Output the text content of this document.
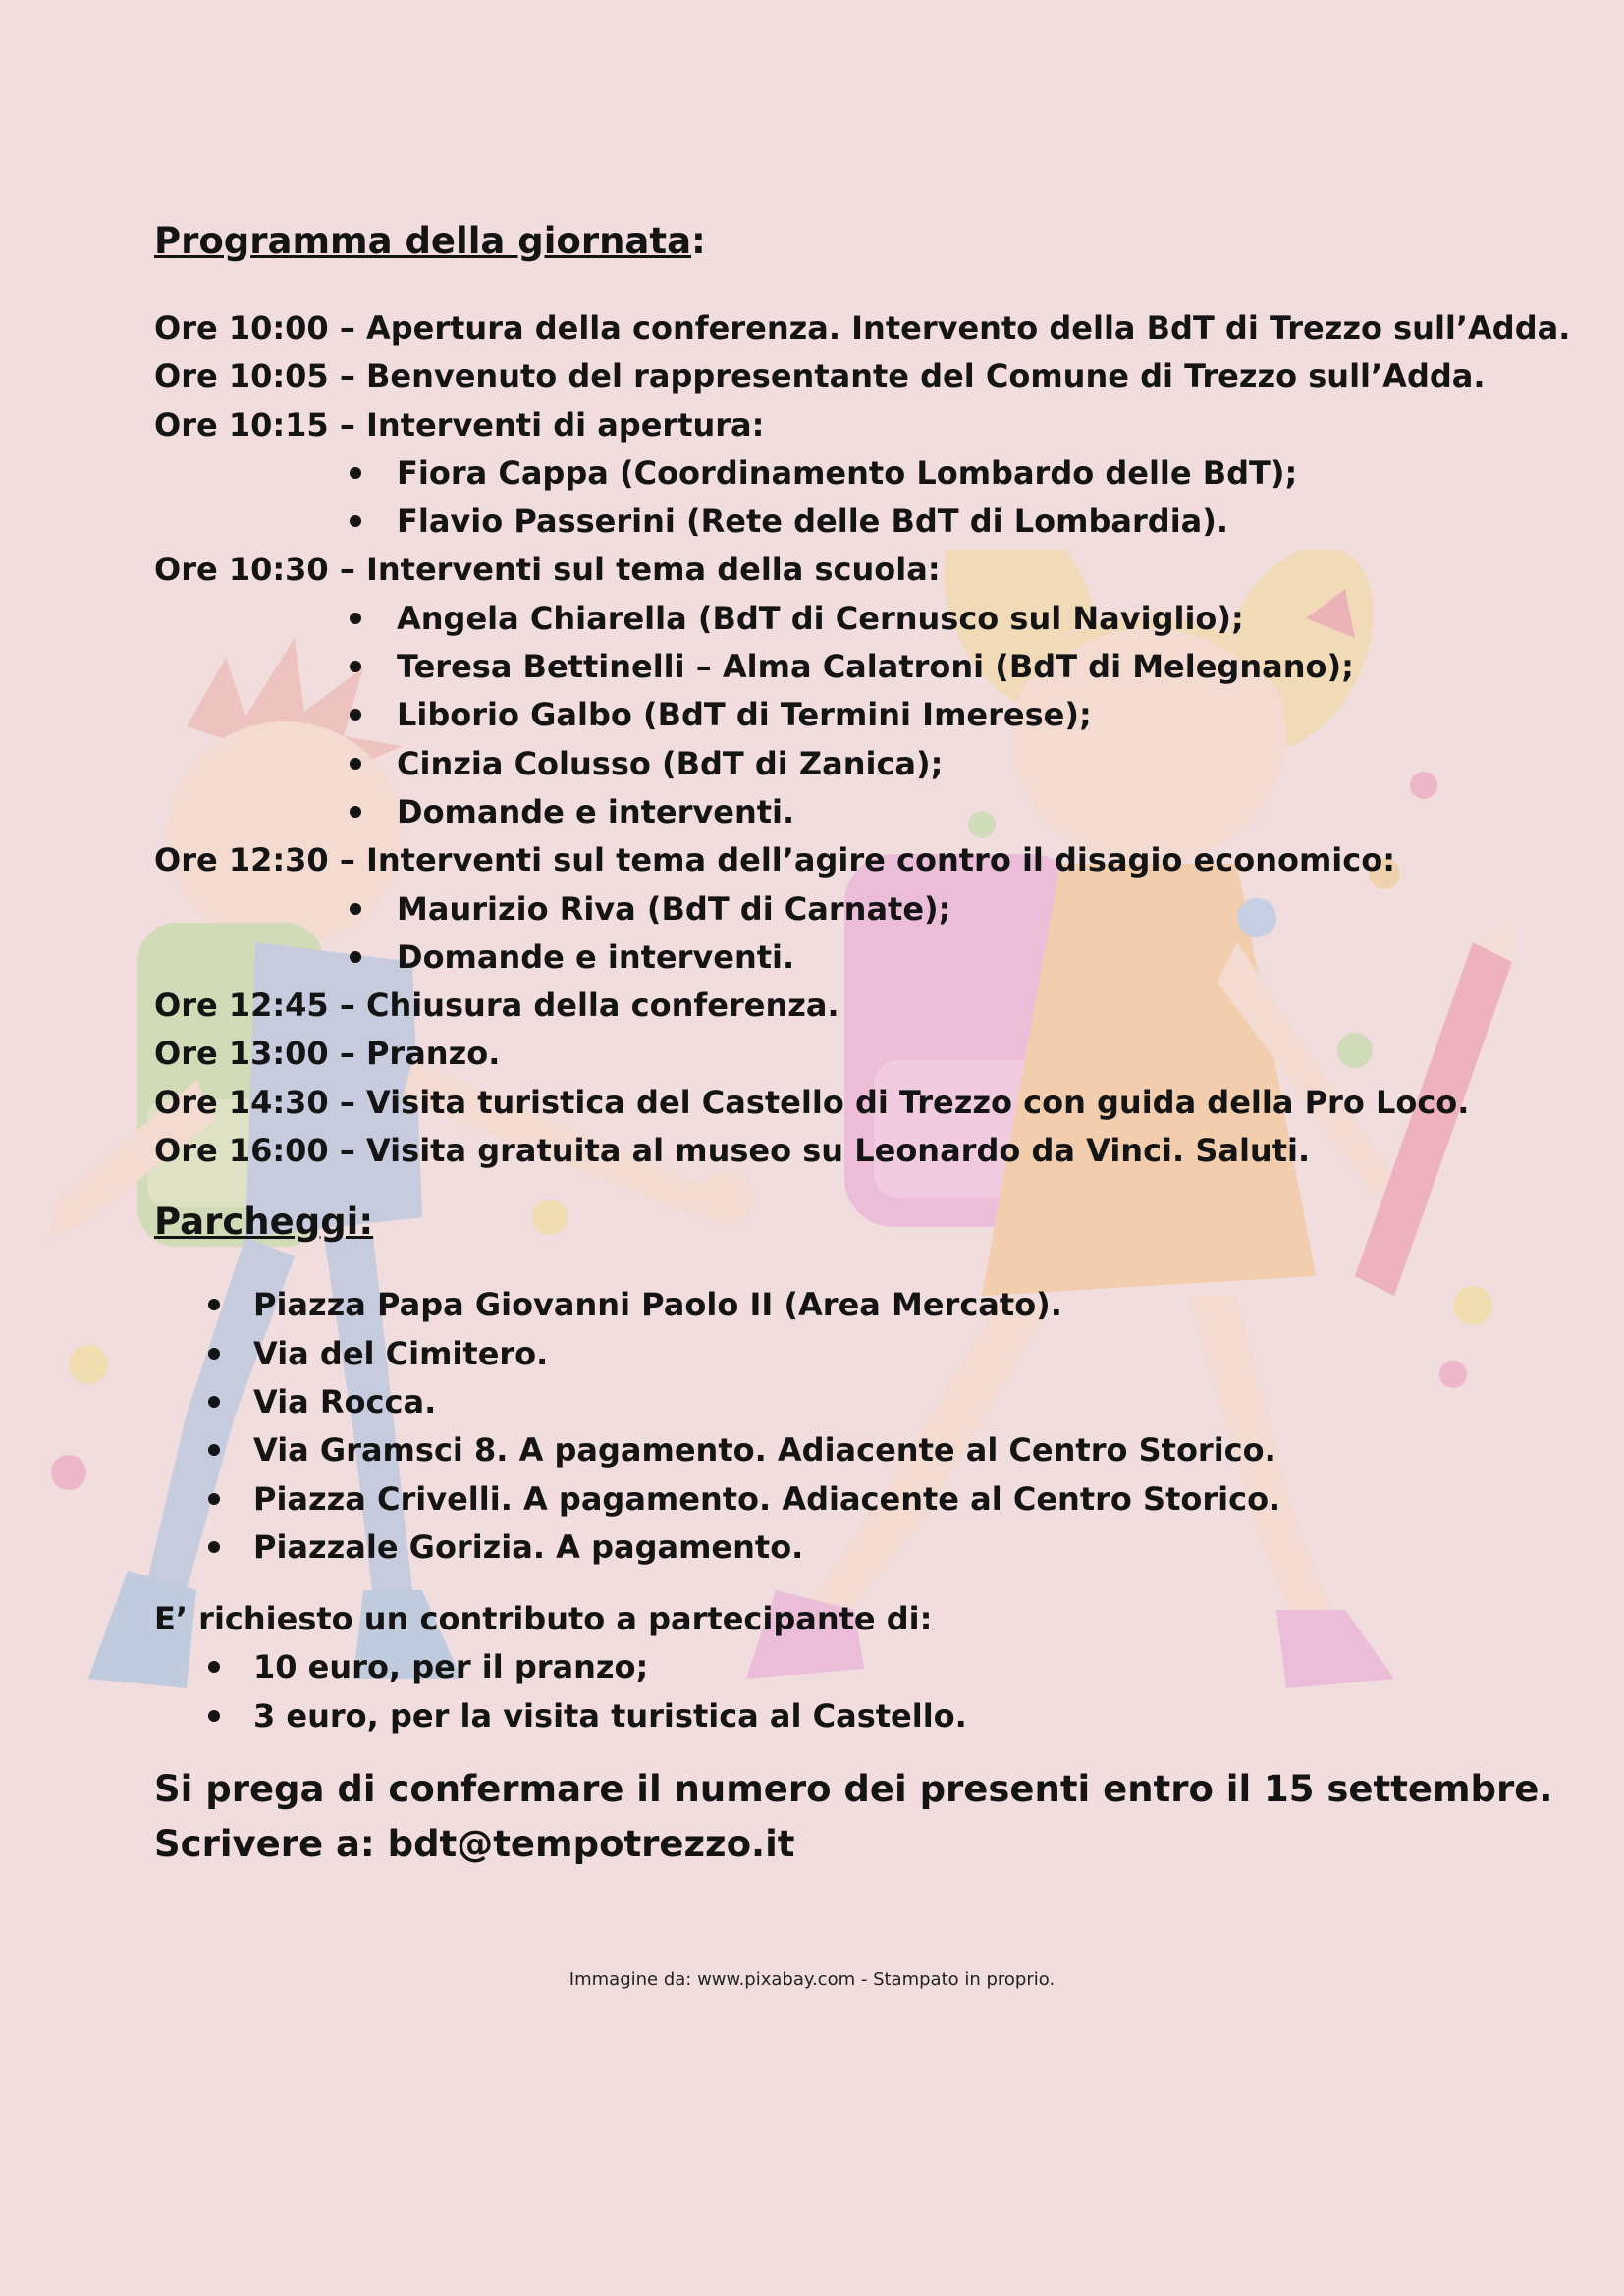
Programma della giornata:

Ore 10:00 – Apertura della conferenza. Intervento della BdT di Trezzo sull’Adda.

Ore 10:05 – Benvenuto del rappresentante del Comune di Trezzo sull’Adda.

Ore 10:15 – Interventi di apertura:

Fiora Cappa (Coordinamento Lombardo delle BdT);
Flavio Passerini (Rete delle BdT di Lombardia).

Ore 10:30 – Interventi sul tema della scuola:

Angela Chiarella (BdT di Cernusco sul Naviglio);
Teresa Bettinelli – Alma Calatroni (BdT di Melegnano);
Liborio Galbo (BdT di Termini Imerese);
Cinzia Colusso (BdT di Zanica);
Domande e interventi.

Ore 12:30 – Interventi sul tema dell’agire contro il disagio economico:

Maurizio Riva (BdT di Carnate);
Domande e interventi.

Ore 12:45 – Chiusura della conferenza.

Ore 13:00 – Pranzo.

Ore 14:30 – Visita turistica del Castello di Trezzo con guida della Pro Loco.

Ore 16:00 – Visita gratuita al museo su Leonardo da Vinci. Saluti.

Parcheggi:

Piazza Papa Giovanni Paolo II (Area Mercato).
Via del Cimitero.
Via Rocca.
Via Gramsci 8. A pagamento. Adiacente al Centro Storico.
Piazza Crivelli. A pagamento. Adiacente al Centro Storico.
Piazzale Gorizia. A pagamento.

E’ richiesto un contributo a partecipante di:

10 euro, per il pranzo;
3 euro, per la visita turistica al Castello.

Si prega di confermare il numero dei presenti entro il 15 settembre.

Scrivere a: bdt@tempotrezzo.it

Immagine da: www.pixabay.com - Stampato in proprio.
